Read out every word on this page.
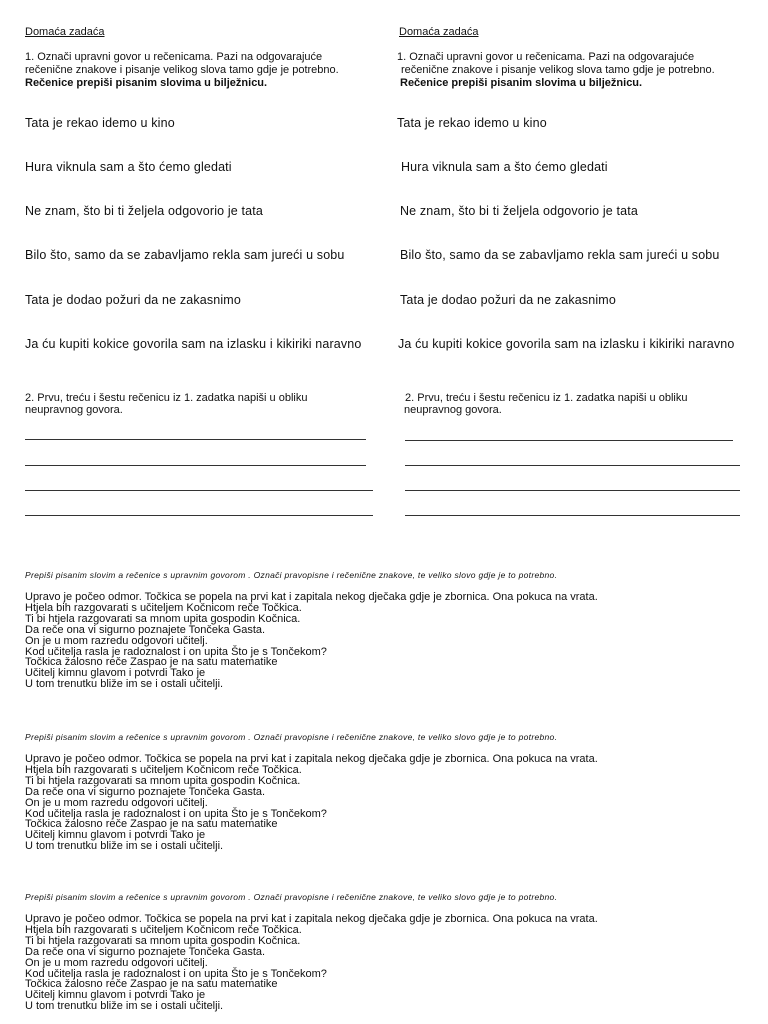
Domaća zadaća
1. Označi upravni govor u rečenicama. Pazi na odgovarajuće
rečenične znakove i pisanje velikog slova tamo gdje je potrebno.
Rečenice prepiši pisanim slovima u bilježnicu.
Tata je rekao idemo u kino
Hura viknula sam a što ćemo gledati
Ne znam, što bi ti željela odgovorio je tata
Bilo što, samo da se zabavljamo rekla sam jureći u sobu
Tata je dodao požuri da ne zakasnimo
Ja ću kupiti kokice govorila sam na izlasku i kikiriki naravno
2. Prvu, treću i šestu rečenicu iz 1. zadatka napiši u obliku
neupravnog govora.
Domaća zadaća
1. Označi upravni govor u rečenicama. Pazi na odgovarajuće
rečenične znakove i pisanje velikog slova tamo gdje je potrebno.
Rečenice prepiši pisanim slovima u bilježnicu.
Tata je rekao idemo u kino
Hura viknula sam a što ćemo gledati
Ne znam, što bi ti željela odgovorio je tata
Bilo što, samo da se zabavljamo rekla sam jureći u sobu
Tata je dodao požuri da ne zakasnimo
Ja ću kupiti kokice govorila sam na izlasku i kikiriki naravno
2. Prvu, treću i šestu rečenicu iz 1. zadatka napiši u obliku
neupravnog govora.
Prepiši pisanim slovim a rečenice s upravnim govorom . Označi pravopisne i rečenične znakove, te veliko slovo gdje je to potrebno.
Upravo je počeo odmor. Točkica se popela na prvi kat i zapitala nekog dječaka gdje je zbornica. Ona pokuca na vrata.
Htjela bih razgovarati s učiteljem Kočnicom reče Točkica.
Ti bi htjela razgovarati sa mnom upita gospodin Kočnica.
Da reče ona vi sigurno poznajete Tončeka Gasta.
On je u mom razredu odgovori učitelj.
Kod učitelja rasla je radoznalost i on upita Što je s Tončekom?
Točkica žalosno reče Zaspao je na satu matematike
Učitelj kimnu glavom i potvrdi Tako je
U tom trenutku bliže im se i ostali učitelji.
Prepiši pisanim slovim a rečenice s upravnim govorom . Označi pravopisne i rečenične znakove, te veliko slovo gdje je to potrebno.
Upravo je počeo odmor. Točkica se popela na prvi kat i zapitala nekog dječaka gdje je zbornica. Ona pokuca na vrata.
Htjela bih razgovarati s učiteljem Kočnicom reče Točkica.
Ti bi htjela razgovarati sa mnom upita gospodin Kočnica.
Da reče ona vi sigurno poznajete Tončeka Gasta.
On je u mom razredu odgovori učitelj.
Kod učitelja rasla je radoznalost i on upita Što je s Tončekom?
Točkica žalosno reče Zaspao je na satu matematike
Učitelj kimnu glavom i potvrdi Tako je
U tom trenutku bliže im se i ostali učitelji.
Prepiši pisanim slovim a rečenice s upravnim govorom . Označi pravopisne i rečenične znakove, te veliko slovo gdje je to potrebno.
Upravo je počeo odmor. Točkica se popela na prvi kat i zapitala nekog dječaka gdje je zbornica. Ona pokuca na vrata.
Htjela bih razgovarati s učiteljem Kočnicom reče Točkica.
Ti bi htjela razgovarati sa mnom upita gospodin Kočnica.
Da reče ona vi sigurno poznajete Tončeka Gasta.
On je u mom razredu odgovori učitelj.
Kod učitelja rasla je radoznalost i on upita Što je s Tončekom?
Točkica žalosno reče Zaspao je na satu matematike
Učitelj kimnu glavom i potvrdi Tako je
U tom trenutku bliže im se i ostali učitelji.
